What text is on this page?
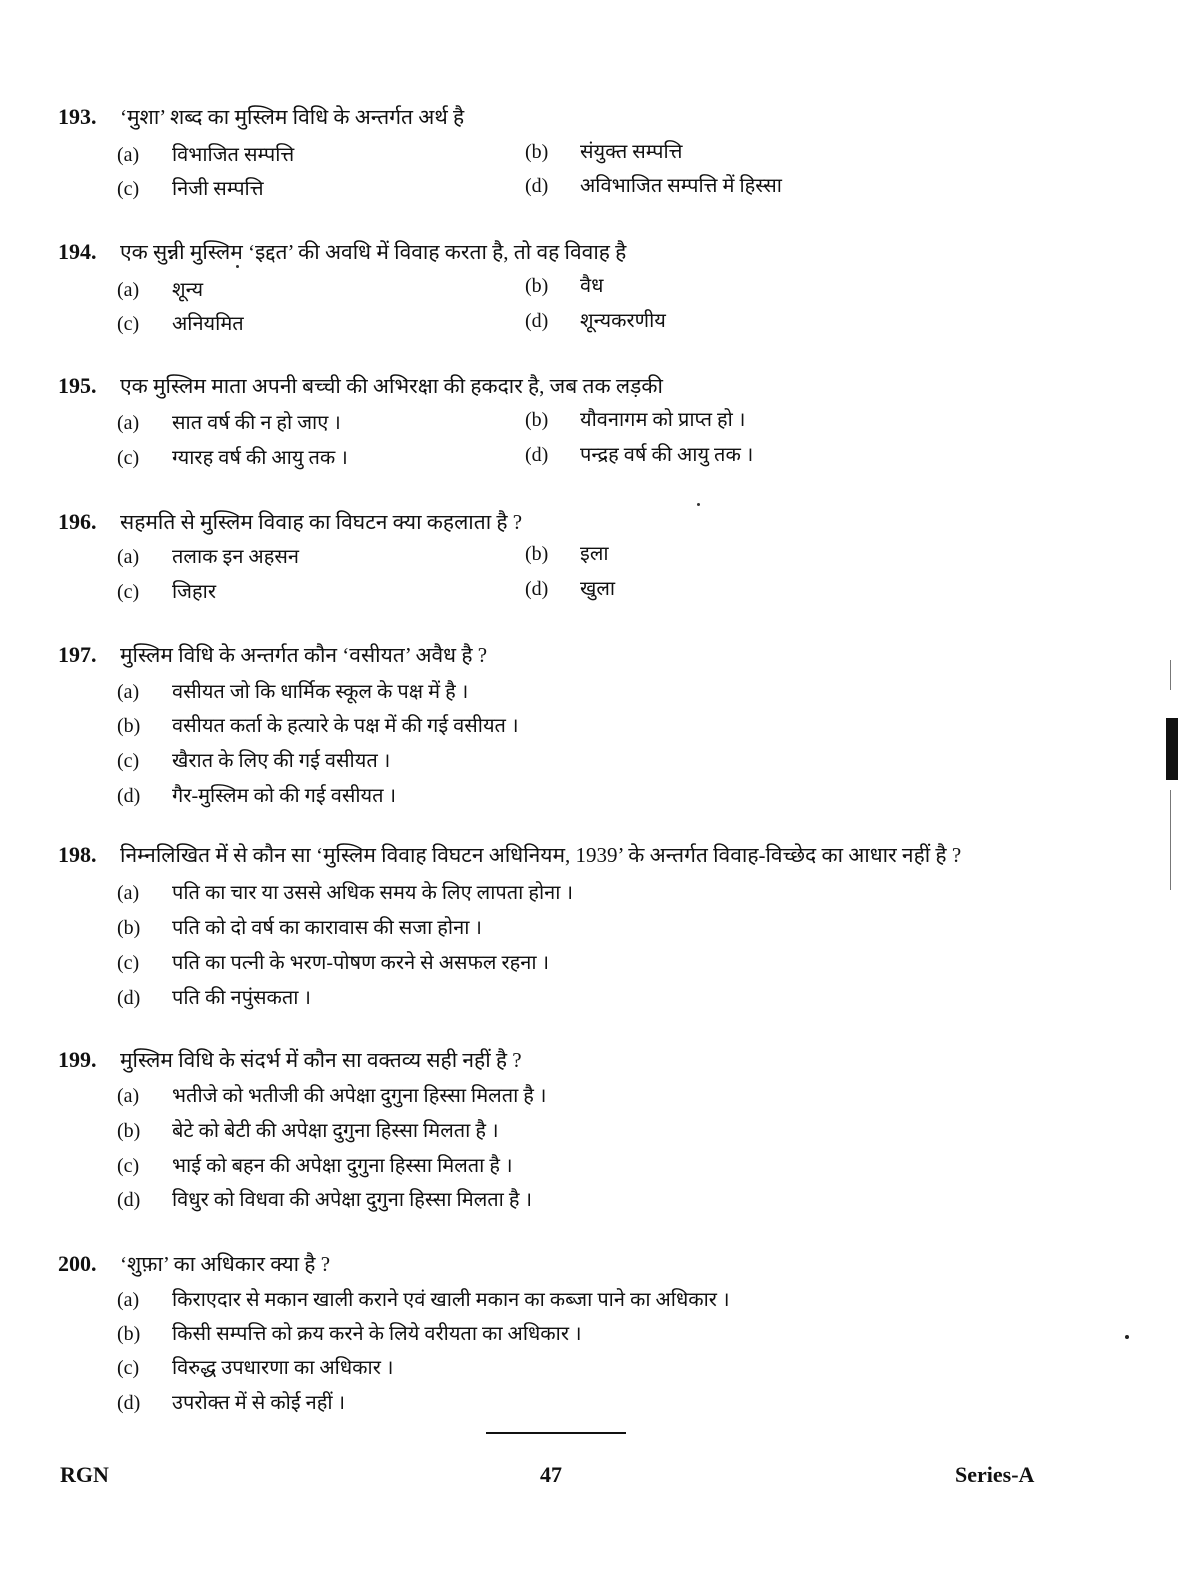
193. ‘मुशा’ शब्द का मुस्लिम विधि के अन्तर्गत अर्थ है
(a) विभाजित सम्पत्ति	(b) संयुक्त सम्पत्ति
(c) निजी सम्पत्ति	(d) अविभाजित सम्पत्ति में हिस्सा
194. एक सुन्नी मुस्लिम ‘इद्दत’ की अवधि में विवाह करता है, तो वह विवाह है
(a) शून्य	(b) वैध
(c) अनियमित	(d) शून्यकरणीय
195. एक मुस्लिम माता अपनी बच्ची की अभिरक्षा की हकदार है, जब तक लड़की
(a) सात वर्ष की न हो जाए ।	(b) यौवनागम को प्राप्त हो ।
(c) ग्यारह वर्ष की आयु तक ।	(d) पन्द्रह वर्ष की आयु तक ।
196. सहमति से मुस्लिम विवाह का विघटन क्या कहलाता है ?
(a) तलाक इन अहसन	(b) इला
(c) जिहार	(d) खुला
197. मुस्लिम विधि के अन्तर्गत कौन ‘वसीयत’ अवैध है ?
(a) वसीयत जो कि धार्मिक स्कूल के पक्ष में है ।
(b) वसीयत कर्ता के हत्यारे के पक्ष में की गई वसीयत ।
(c) खैरात के लिए की गई वसीयत ।
(d) गैर-मुस्लिम को की गई वसीयत ।
198. निम्नलिखित में से कौन सा ‘मुस्लिम विवाह विघटन अधिनियम, 1939’ के अन्तर्गत विवाह-विच्छेद का आधार नहीं है ?
(a) पति का चार या उससे अधिक समय के लिए लापता होना ।
(b) पति को दो वर्ष का कारावास की सजा होना ।
(c) पति का पत्नी के भरण-पोषण करने से असफल रहना ।
(d) पति की नपुंसकता ।
199. मुस्लिम विधि के संदर्भ में कौन सा वक्तव्य सही नहीं है ?
(a) भतीजे को भतीजी की अपेक्षा दुगुना हिस्सा मिलता है ।
(b) बेटे को बेटी की अपेक्षा दुगुना हिस्सा मिलता है ।
(c) भाई को बहन की अपेक्षा दुगुना हिस्सा मिलता है ।
(d) विधुर को विधवा की अपेक्षा दुगुना हिस्सा मिलता है ।
200. ‘शुफ़ा’ का अधिकार क्या है ?
(a) किराएदार से मकान खाली कराने एवं खाली मकान का कब्जा पाने का अधिकार ।
(b) किसी सम्पत्ति को क्रय करने के लिये वरीयता का अधिकार ।
(c) विरुद्ध उपधारणा का अधिकार ।
(d) उपरोक्त में से कोई नहीं ।
RGN	47	Series-A
